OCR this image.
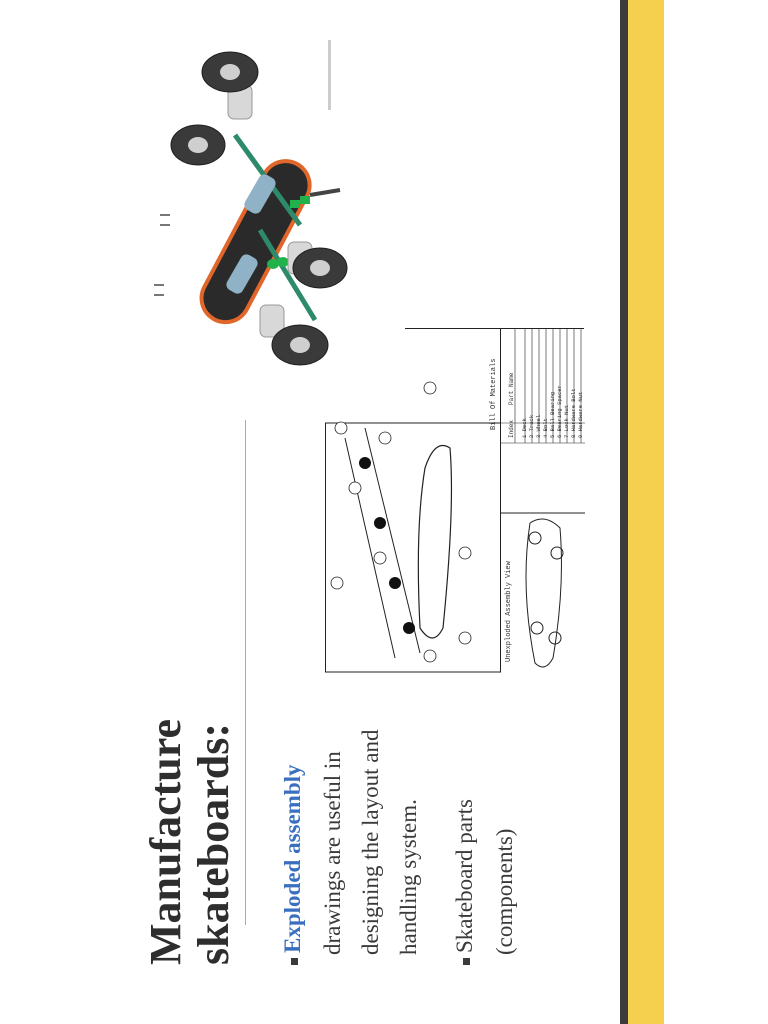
Bill Of Materials
Unexploded Assembly View
Index
Part Name
1 Deck
2 Truck
3 Wheel
4 Bolt
5 Ball Bearing
6 Bearing Spacer
7 Lock Nut
8 Hardware Bolt
9 Hardware Nut
Manufacture skateboards: Exploded assembly drawings are useful in designing the layout and handling system. Skateboard parts (components)
